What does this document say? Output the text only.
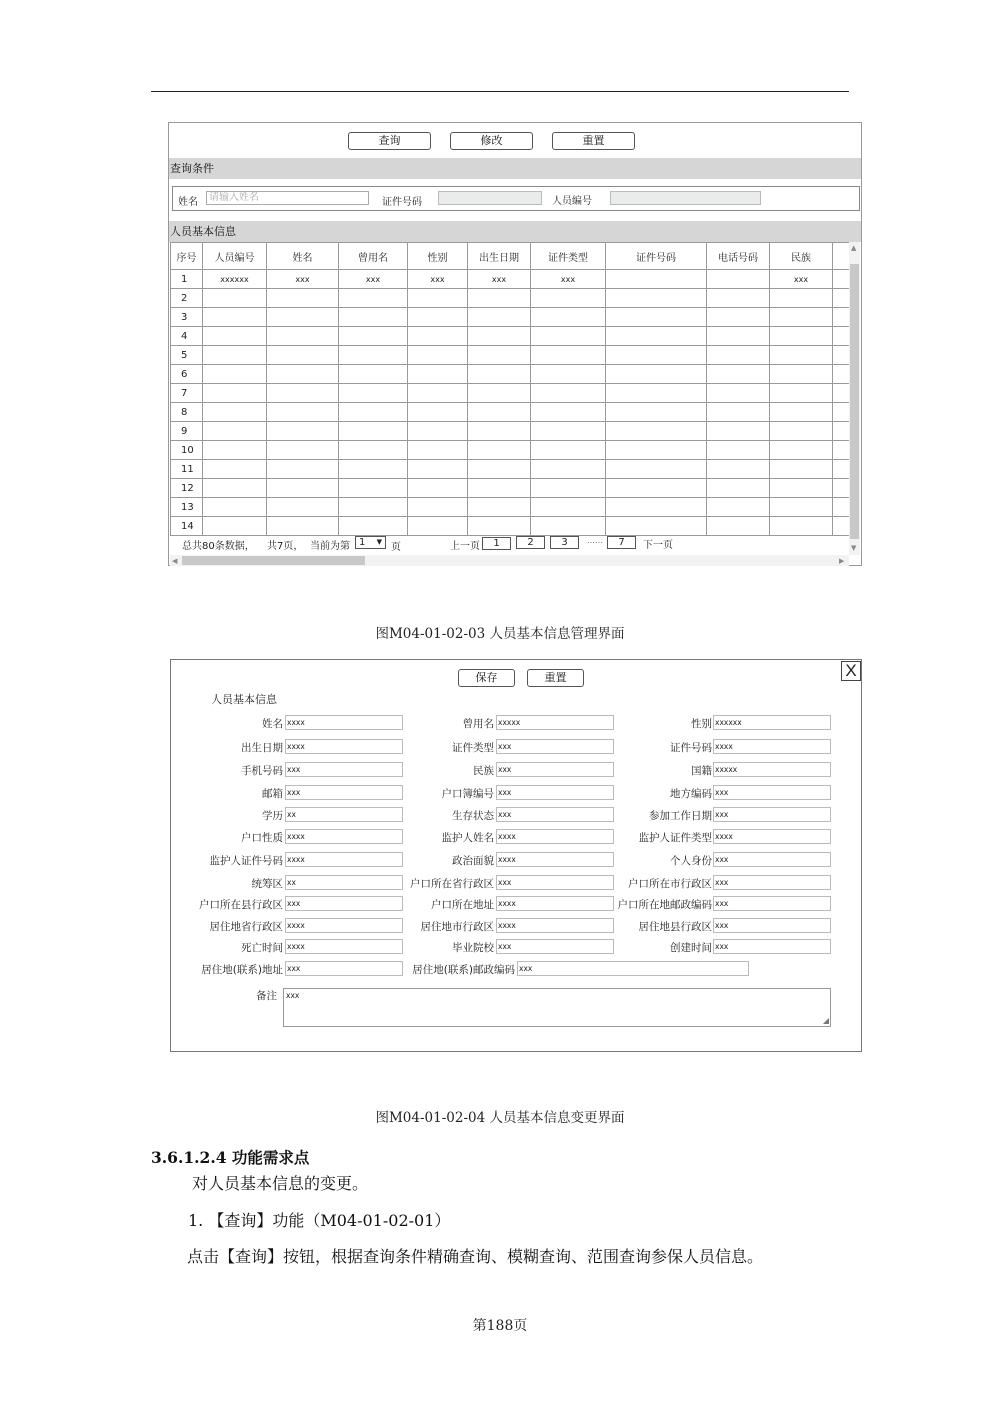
查询	修改	重置
查询条件
姓名	请输入姓名	证件号码	人员编号
人员基本信息
序号	人员编号	姓名	曾用名	性别	出生日期	证件类型	证件号码	电话号码	民族	
1	xxxxxx	xxx	xxx	xxx	xxx	xxx			xxx	
2										
3										
4										
5										
6										
7										
8										
9										
10										
11										
12										
13										
14										
▲
▼
总共80条数据， 共7页， 当前为第 1 ▼ 页	上一页	1	2	3	……	7	下一页
◀	▶
图M04-01-02-03 人员基本信息管理界面
保存	重置	X
人员基本信息
姓名 xxxx	曾用名 xxxxx	性别 xxxxxx
出生日期 xxxx	证件类型 xxx	证件号码 xxxx
手机号码 xxx	民族 xxx	国籍 xxxxx
邮箱 xxx	户口簿编号 xxx	地方编码 xxx
学历 xx	生存状态 xxx	参加工作日期 xxx
户口性质 xxxx	监护人姓名 xxxx	监护人证件类型 xxxx
监护人证件号码 xxxx	政治面貌 xxxx	个人身份 xxx
统筹区 xx	户口所在省行政区 xxx	户口所在市行政区 xxx
户口所在县行政区 xxx	户口所在地址 xxxx	户口所在地邮政编码 xxx
居住地省行政区 xxxx	居住地市行政区 xxxx	居住地县行政区 xxx
死亡时间 xxxx	毕业院校 xxx	创建时间 xxx
居住地(联系)地址 xxx	居住地(联系)邮政编码 xxx
备注	xxx
◢
图M04-01-02-04 人员基本信息变更界面
3.6.1.2.4 功能需求点
对人员基本信息的变更。
1. 【查询】功能（M04-01-02-01）
点击【查询】按钮，根据查询条件精确查询、模糊查询、范围查询参保人员信息。
第188页
